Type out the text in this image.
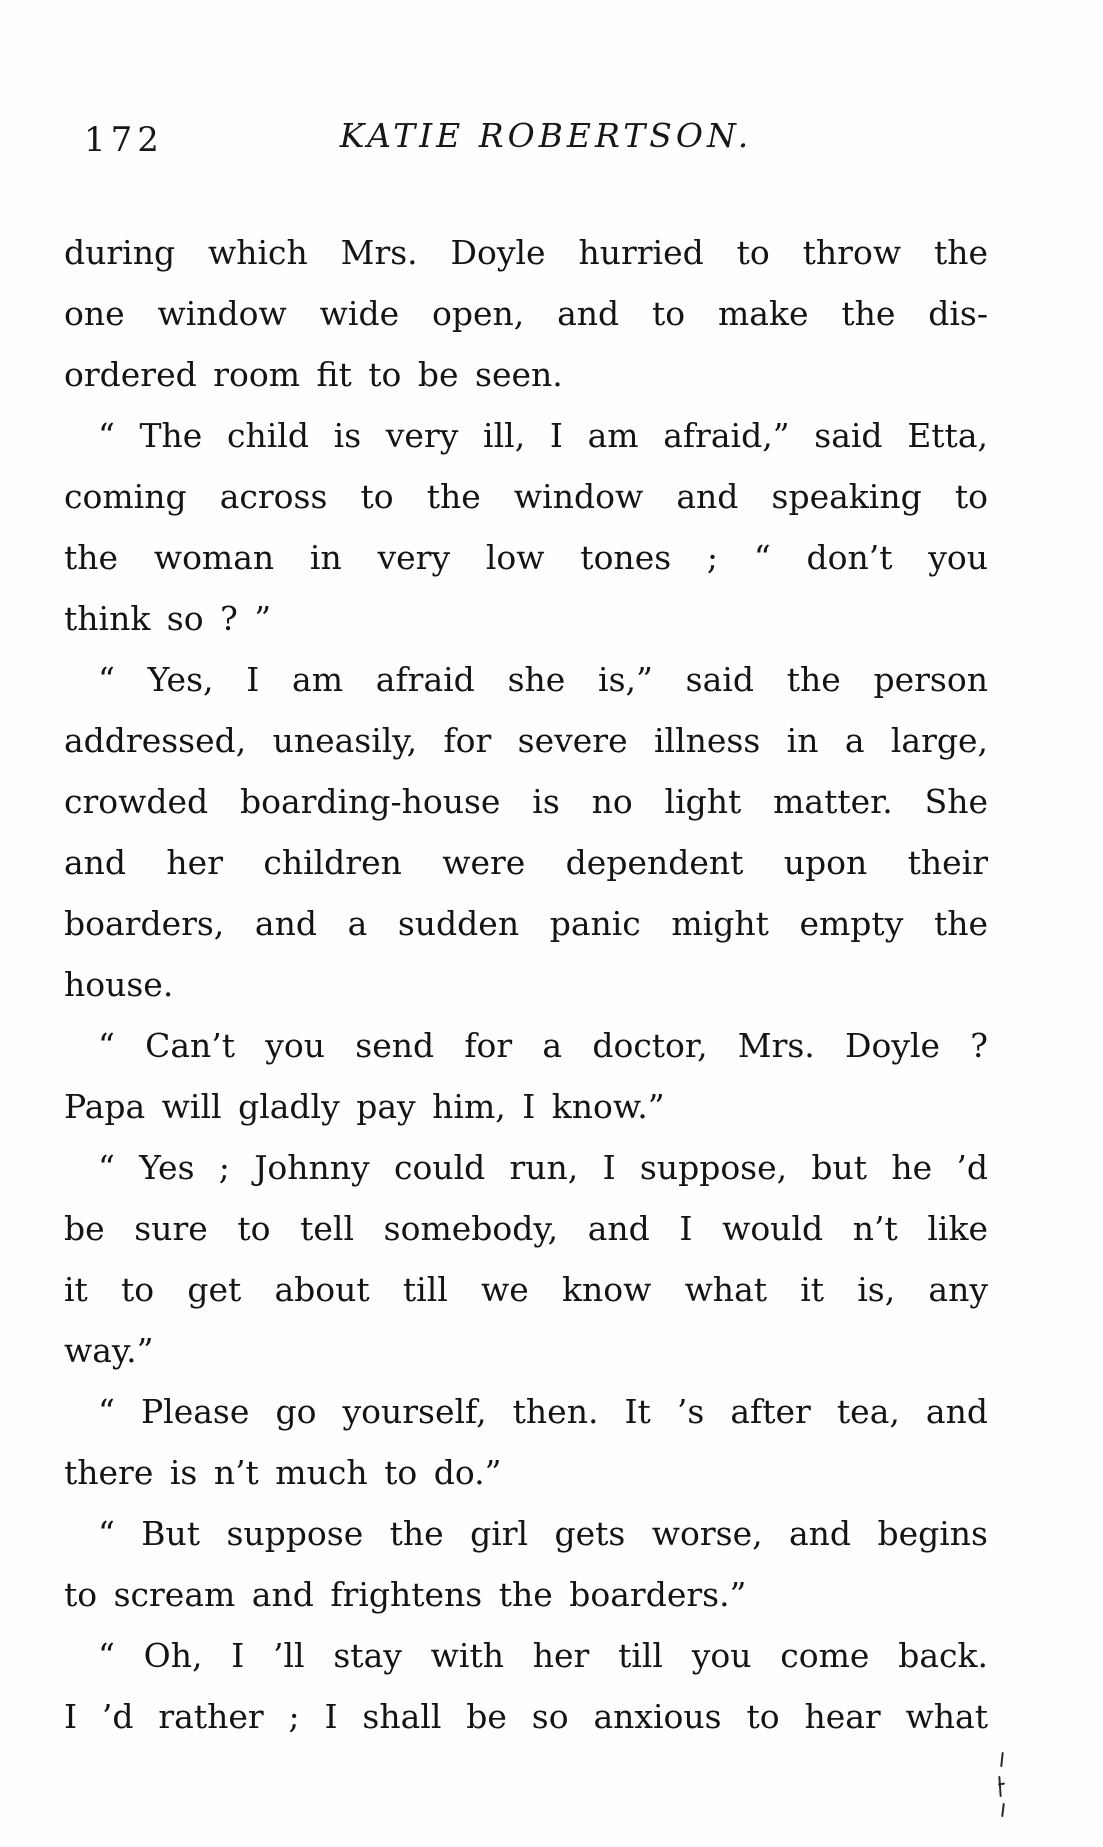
172	KATIE ROBERTSON.
during which Mrs. Doyle hurried to throw the
one window wide open, and to make the dis-
ordered room fit to be seen.
“ The child is very ill, I am afraid,” said Etta,
coming across to the window and speaking to
the woman in very low tones ; “ don’t you
think so ? ”
“ Yes, I am afraid she is,” said the person
addressed, uneasily, for severe illness in a large,
crowded boarding-house is no light matter. She
and her children were dependent upon their
boarders, and a sudden panic might empty the
house.
“ Can’t you send for a doctor, Mrs. Doyle ?
Papa will gladly pay him, I know.”
“ Yes ; Johnny could run, I suppose, but he ’d
be sure to tell somebody, and I would n’t like
it to get about till we know what it is, any
way.”
“ Please go yourself, then. It ’s after tea, and
there is n’t much to do.”
“ But suppose the girl gets worse, and begins
to scream and frightens the boarders.”
“ Oh, I ’ll stay with her till you come back.
I ’d rather ; I shall be so anxious to hear what
